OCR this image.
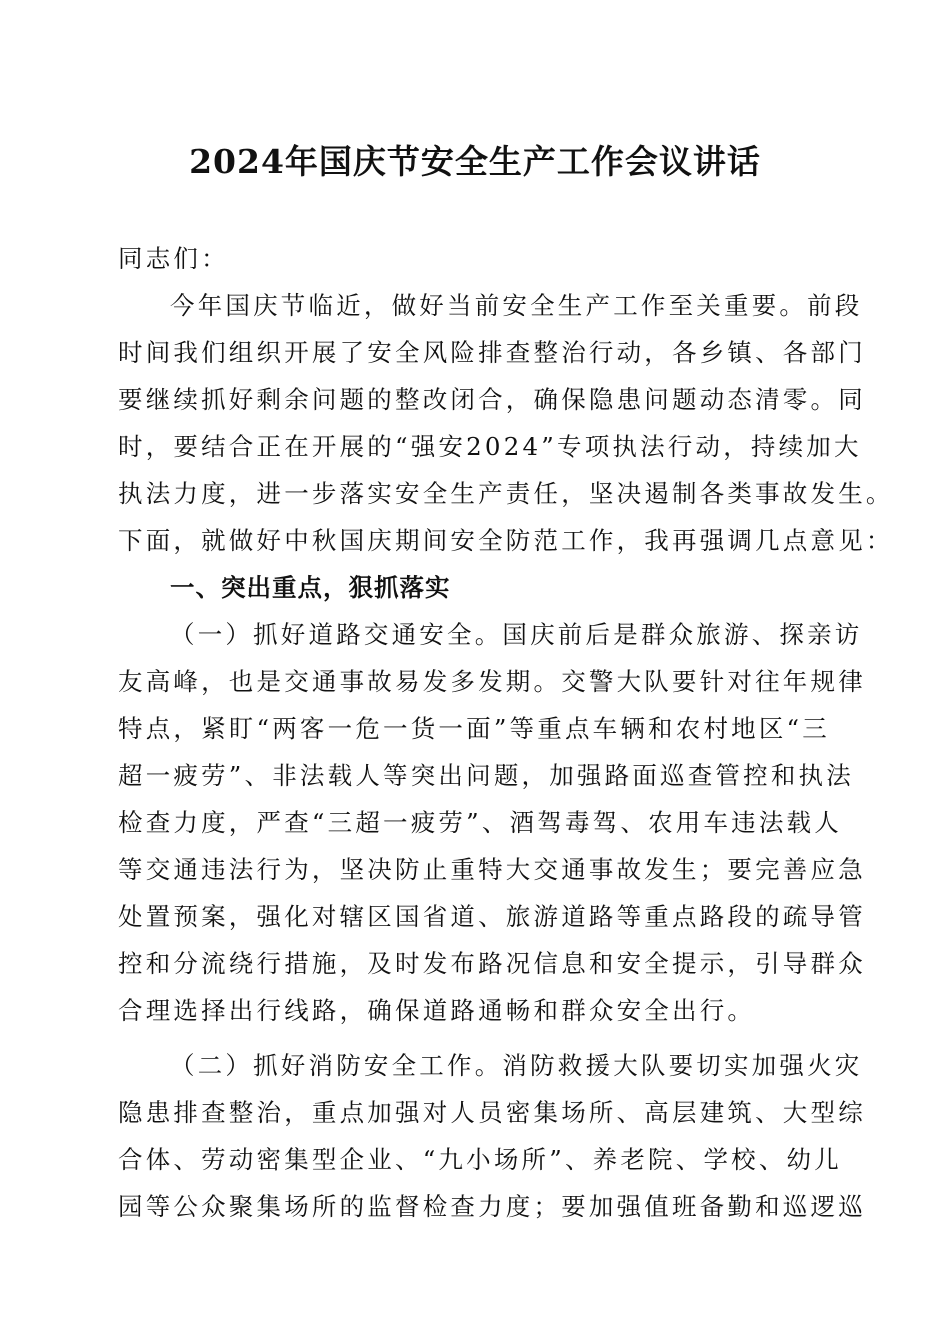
2024年国庆节安全生产工作会议讲话
同志们：
今年国庆节临近，做好当前安全生产工作至关重要。前段
时间我们组织开展了安全风险排查整治行动，各乡镇、各部门
要继续抓好剩余问题的整改闭合，确保隐患问题动态清零。同
时，要结合正在开展的“强安2024”专项执法行动，持续加大
执法力度，进一步落实安全生产责任，坚决遏制各类事故发生。
下面，就做好中秋国庆期间安全防范工作，我再强调几点意见：
一、突出重点，狠抓落实
（一）抓好道路交通安全。国庆前后是群众旅游、探亲访
友高峰，也是交通事故易发多发期。交警大队要针对往年规律
特点，紧盯“两客一危一货一面”等重点车辆和农村地区“三
超一疲劳”、非法载人等突出问题，加强路面巡查管控和执法
检查力度，严查“三超一疲劳”、酒驾毒驾、农用车违法载人
等交通违法行为，坚决防止重特大交通事故发生；要完善应急
处置预案，强化对辖区国省道、旅游道路等重点路段的疏导管
控和分流绕行措施，及时发布路况信息和安全提示，引导群众
合理选择出行线路，确保道路通畅和群众安全出行。
（二）抓好消防安全工作。消防救援大队要切实加强火灾
隐患排查整治，重点加强对人员密集场所、高层建筑、大型综
合体、劳动密集型企业、“九小场所”、养老院、学校、幼儿
园等公众聚集场所的监督检查力度；要加强值班备勤和巡逻巡
